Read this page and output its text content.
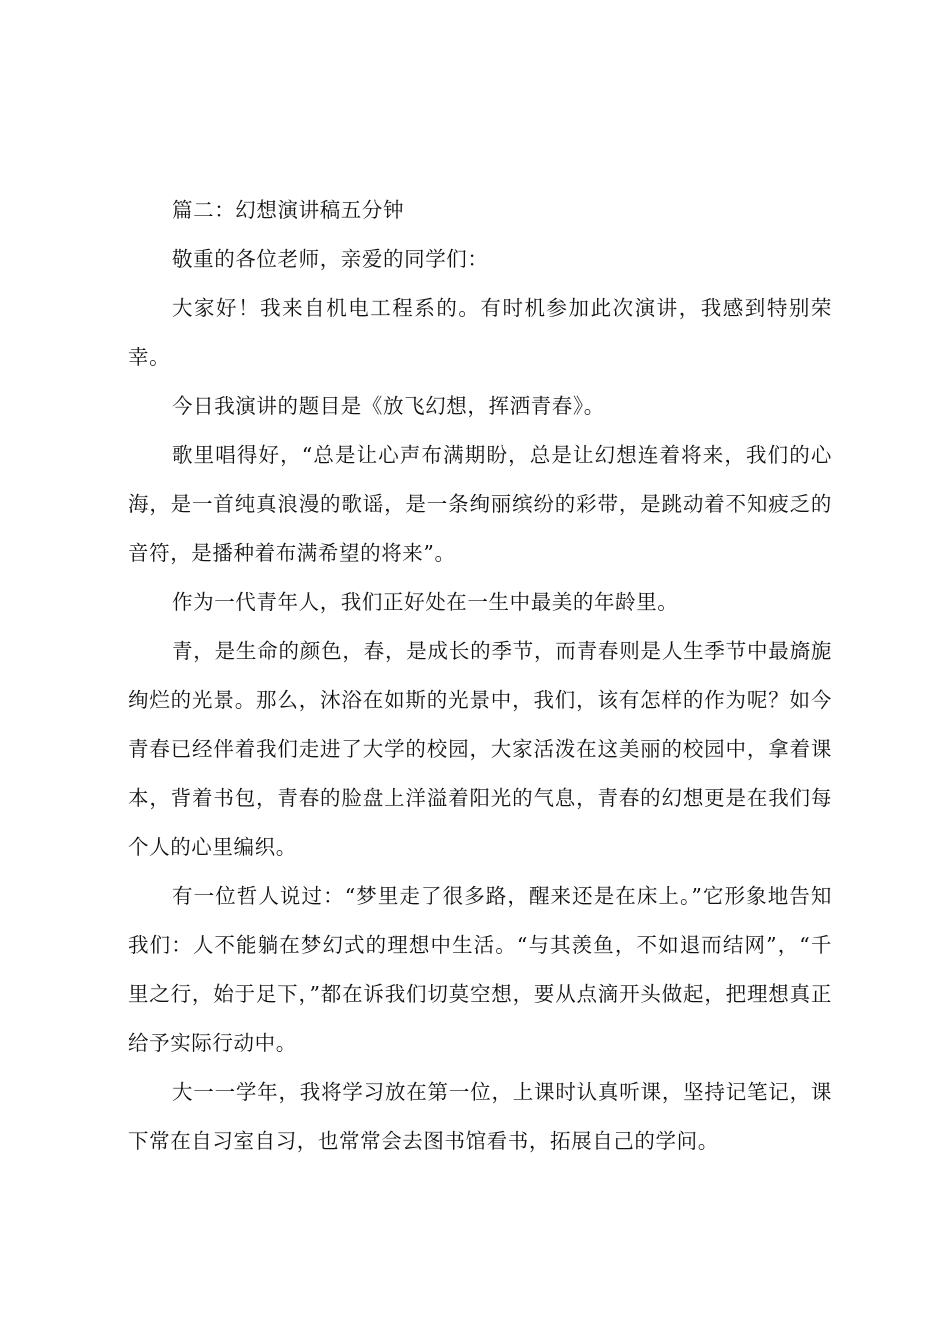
篇二：幻想演讲稿五分钟

敬重的各位老师，亲爱的同学们：

大家好！我来自机电工程系的。有时机参加此次演讲，我感到特别荣幸。

今日我演讲的题目是《放飞幻想，挥洒青春》。

歌里唱得好，“总是让心声布满期盼，总是让幻想连着将来，我们的心海，是一首纯真浪漫的歌谣，是一条绚丽缤纷的彩带，是跳动着不知疲乏的音符，是播种着布满希望的将来”。

作为一代青年人，我们正好处在一生中最美的年龄里。

青，是生命的颜色，春，是成长的季节，而青春则是人生季节中最旖旎绚烂的光景。那么，沐浴在如斯的光景中，我们，该有怎样的作为呢？如今青春已经伴着我们走进了大学的校园，大家活泼在这美丽的校园中，拿着课本，背着书包，青春的脸盘上洋溢着阳光的气息，青春的幻想更是在我们每个人的心里编织。

有一位哲人说过：“梦里走了很多路，醒来还是在床上。”它形象地告知我们：人不能躺在梦幻式的理想中生活。“与其羡鱼，不如退而结网”，“千里之行，始于足下，”都在诉我们切莫空想，要从点滴开头做起，把理想真正给予实际行动中。

大一一学年，我将学习放在第一位，上课时认真听课，坚持记笔记，课下常在自习室自习，也常常会去图书馆看书，拓展自己的学问。
